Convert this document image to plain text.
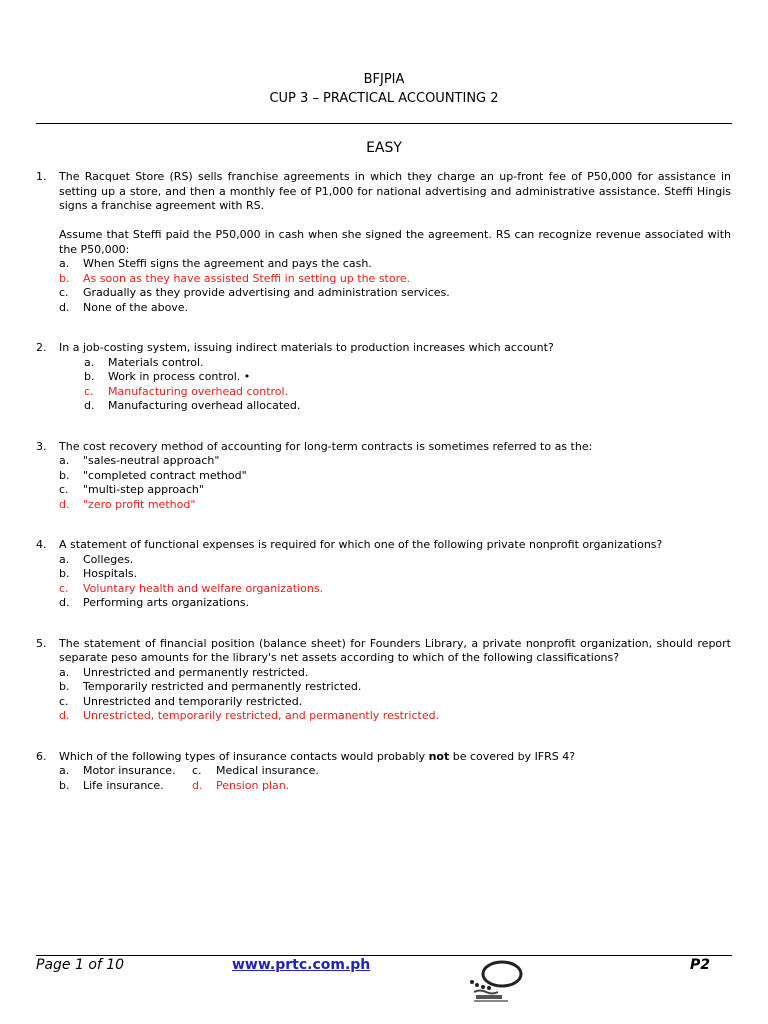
BFJPIA
CUP 3 – PRACTICAL ACCOUNTING 2
EASY
1. The Racquet Store (RS) sells franchise agreements in which they charge an up-front fee of P50,000 for assistance in setting up a store, and then a monthly fee of P1,000 for national advertising and administrative assistance. Steffi Hingis signs a franchise agreement with RS.
Assume that Steffi paid the P50,000 in cash when she signed the agreement. RS can recognize revenue associated with the P50,000:
a. When Steffi signs the agreement and pays the cash.
b. As soon as they have assisted Steffi in setting up the store.
c. Gradually as they provide advertising and administration services.
d. None of the above.
2. In a job-costing system, issuing indirect materials to production increases which account?
a. Materials control.
b. Work in process control. •
c. Manufacturing overhead control.
d. Manufacturing overhead allocated.
3. The cost recovery method of accounting for long-term contracts is sometimes referred to as the:
a. "sales-neutral approach"
b. "completed contract method"
c. "multi-step approach"
d. "zero profit method"
4. A statement of functional expenses is required for which one of the following private nonprofit organizations?
a. Colleges.
b. Hospitals.
c. Voluntary health and welfare organizations.
d. Performing arts organizations.
5. The statement of financial position (balance sheet) for Founders Library, a private nonprofit organization, should report separate peso amounts for the library's net assets according to which of the following classifications?
a. Unrestricted and permanently restricted.
b. Temporarily restricted and permanently restricted.
c. Unrestricted and temporarily restricted.
d. Unrestricted, temporarily restricted, and permanently restricted.
6. Which of the following types of insurance contacts would probably not be covered by IFRS 4?
a. Motor insurance.	c. Medical insurance.
b. Life insurance.	d. Pension plan.
Page 1 of 10	www.prtc.com.ph	P2
